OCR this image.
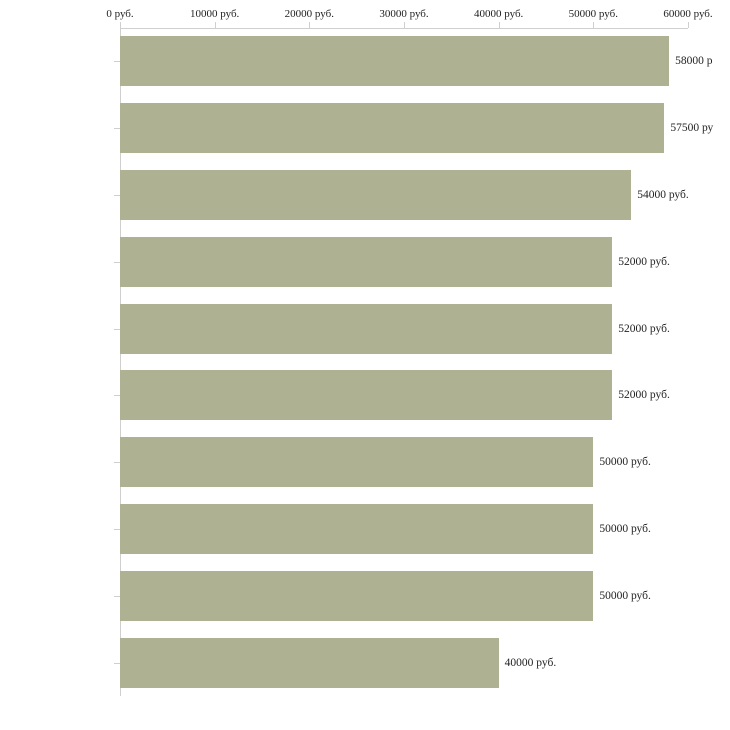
0 руб.	10000 руб.	20000 руб.	30000 руб.	40000 руб.	50000 руб.	60000 руб.
58000 р
57500 ру
54000 руб.
52000 руб.
52000 руб.
52000 руб.
50000 руб.
50000 руб.
50000 руб.
40000 руб.
